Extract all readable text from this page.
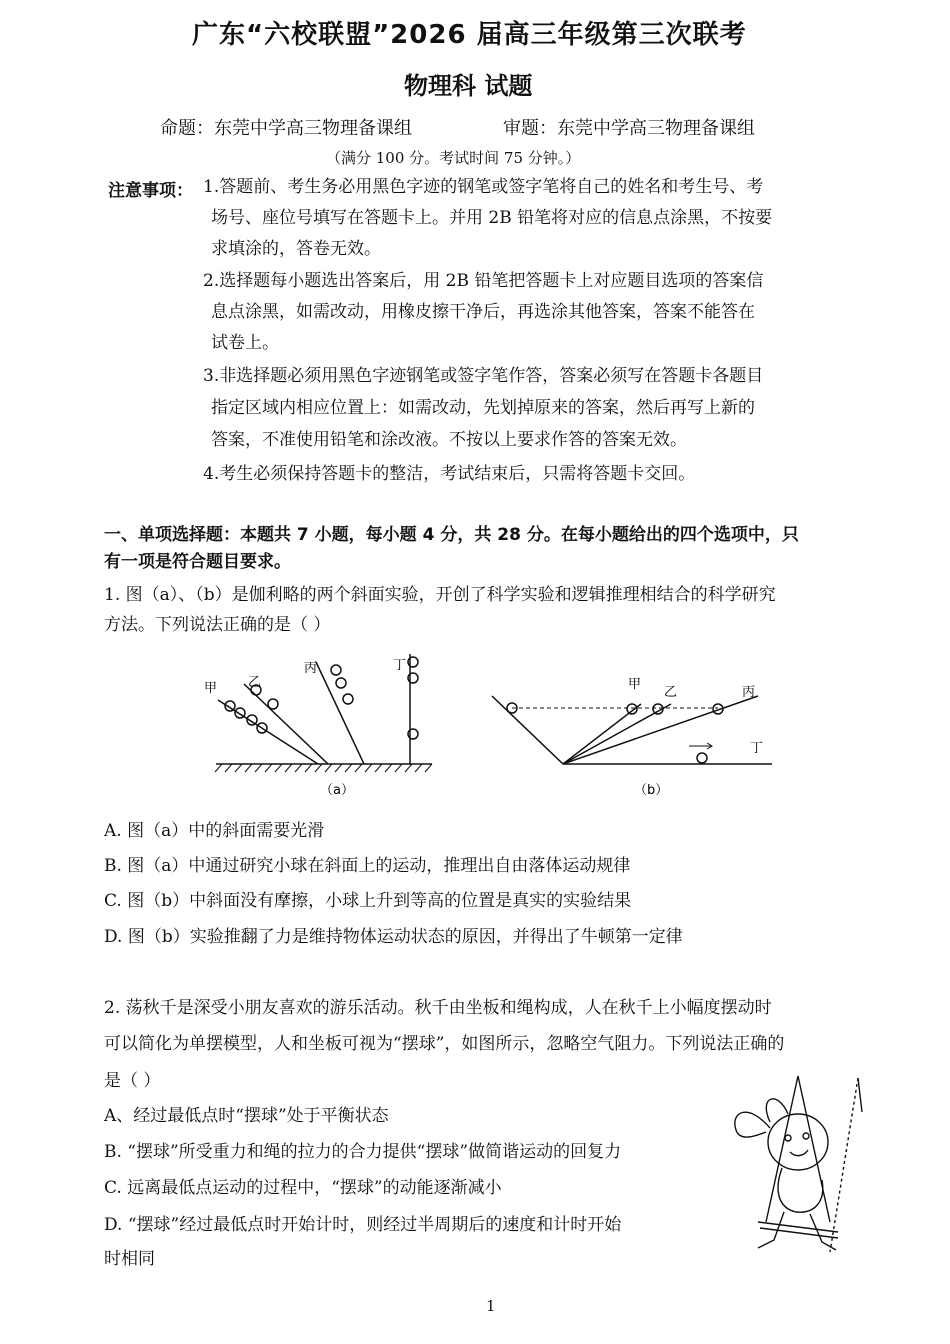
广东“六校联盟”2026 届高三年级第三次联考
物理科 试题
命题：东莞中学高三物理备课组	审题：东莞中学高三物理备课组
（满分 100 分。考试时间 75 分钟。）
注意事项： 1.答题前、考生务必用黑色字迹的钢笔或签字笔将自己的姓名和考生号、考
场号、座位号填写在答题卡上。并用 2B 铅笔将对应的信息点涂黑，不按要
求填涂的，答卷无效。
2.选择题每小题选出答案后，用 2B 铅笔把答题卡上对应题目选项的答案信
息点涂黑，如需改动，用橡皮擦干净后，再选涂其他答案，答案不能答在
试卷上。
3.非选择题必须用黑色字迹钢笔或签字笔作答，答案必须写在答题卡各题目
指定区域内相应位置上：如需改动，先划掉原来的答案，然后再写上新的
答案，不准使用铅笔和涂改液。不按以上要求作答的答案无效。
4.考生必须保持答题卡的整洁，考试结束后，只需将答题卡交回。
一、单项选择题：本题共 7 小题，每小题 4 分，共 28 分。在每小题给出的四个选项中，只
有一项是符合题目要求。
1. 图（a）、（b）是伽利略的两个斜面实验，开创了科学实验和逻辑推理相结合的科学研究
方法。下列说法正确的是（ ）
甲 乙
丙	丁
（a）
甲
乙	丙
丁
（b）
A. 图（a）中的斜面需要光滑
B. 图（a）中通过研究小球在斜面上的运动，推理出自由落体运动规律
C. 图（b）中斜面没有摩擦，小球上升到等高的位置是真实的实验结果
D. 图（b）实验推翻了力是维持物体运动状态的原因，并得出了牛顿第一定律
2. 荡秋千是深受小朋友喜欢的游乐活动。秋千由坐板和绳构成，人在秋千上小幅度摆动时
可以简化为单摆模型，人和坐板可视为“摆球”，如图所示，忽略空气阻力。下列说法正确的
是（ ）
A、经过最低点时“摆球”处于平衡状态
B. “摆球”所受重力和绳的拉力的合力提供“摆球”做简谐运动的回复力
C. 远离最低点运动的过程中，“摆球”的动能逐渐减小
D. “摆球”经过最低点时开始计时，则经过半周期后的速度和计时开始
时相同
1
